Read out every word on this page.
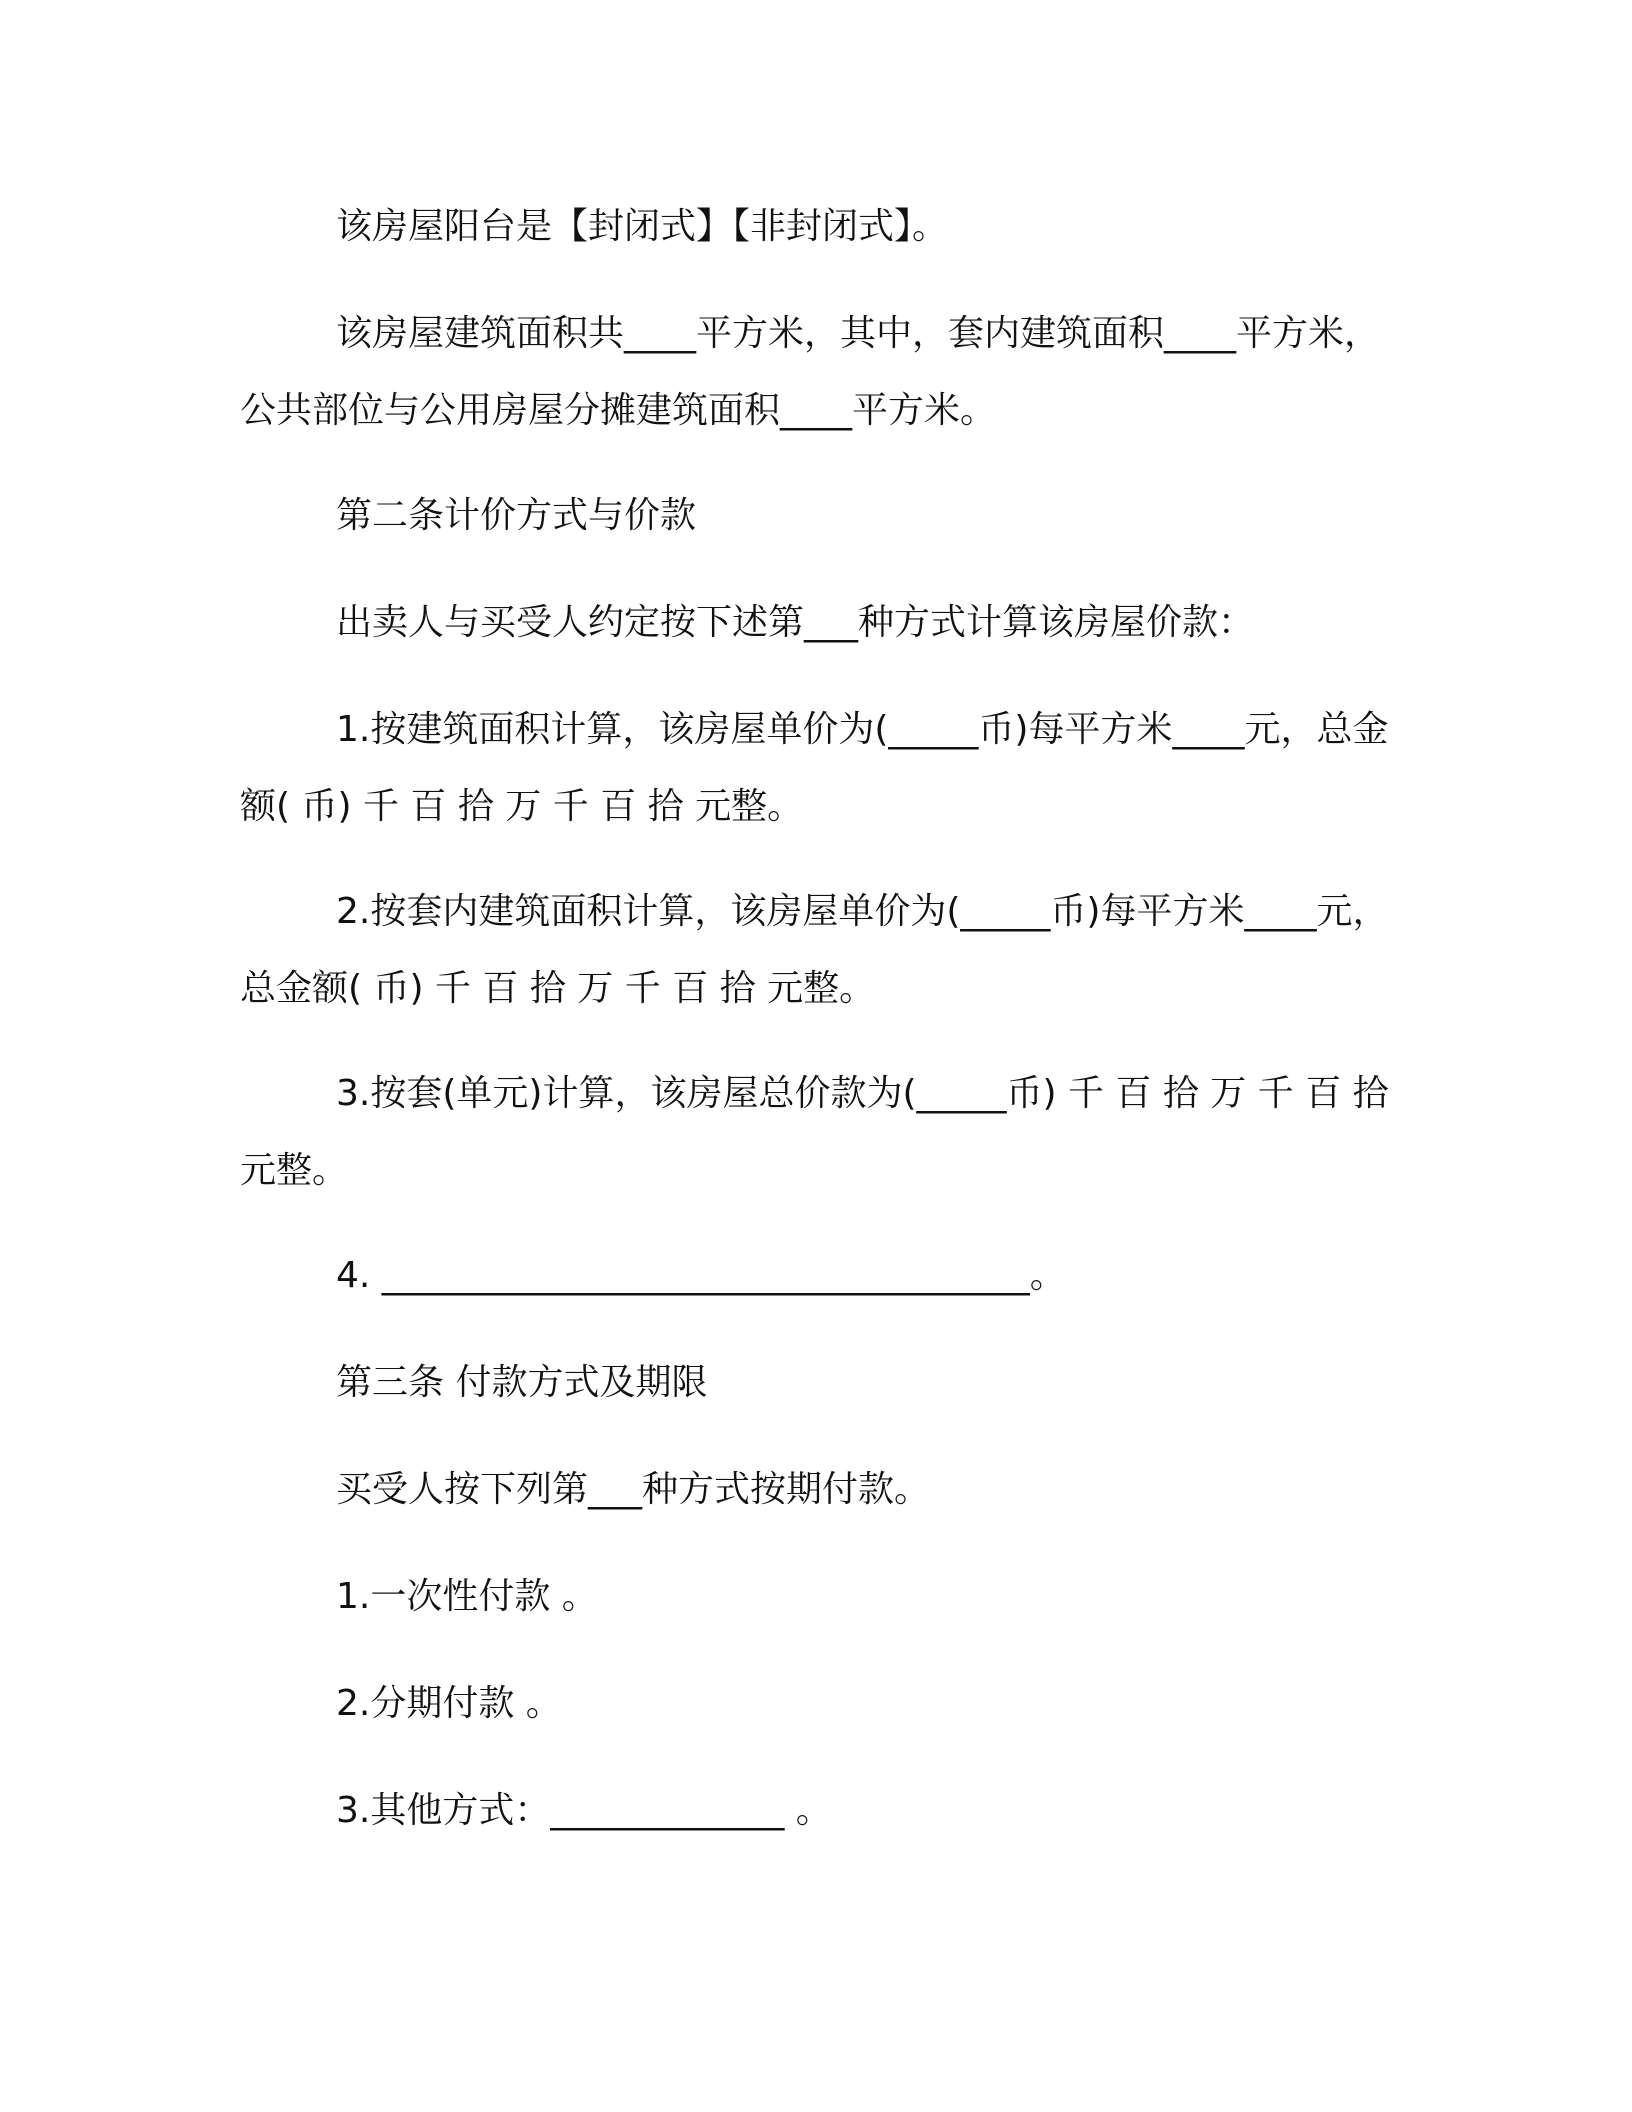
该房屋阳台是【封闭式】【非封闭式】。

该房屋建筑面积共____平方米，其中，套内建筑面积____平方米，公共部位与公用房屋分摊建筑面积____平方米。

第二条计价方式与价款

出卖人与买受人约定按下述第___种方式计算该房屋价款：

1.按建筑面积计算，该房屋单价为(_____币)每平方米____元，总金额( 币) 千 百 拾 万 千 百 拾 元整。

2.按套内建筑面积计算，该房屋单价为(_____币)每平方米____元，总金额( 币) 千 百 拾 万 千 百 拾 元整。

3.按套(单元)计算，该房屋总价款为(_____币) 千 百 拾 万 千 百 拾 元整。

4. ____________________________________。

第三条 付款方式及期限

买受人按下列第___种方式按期付款。

1.一次性付款 。

2.分期付款 。

3.其他方式：_____________ 。
